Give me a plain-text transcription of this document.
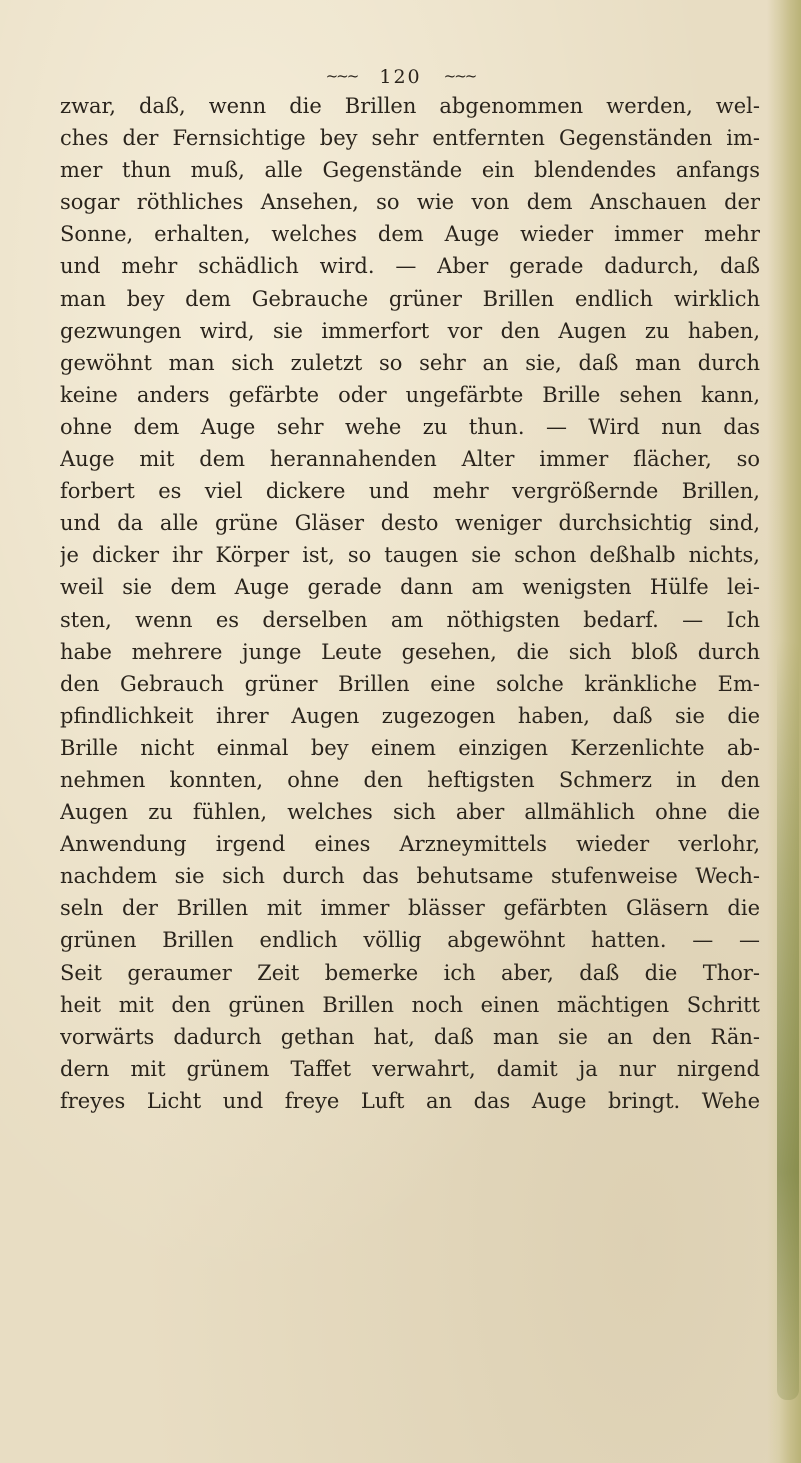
~~~ 120 ~~~
zwar, daß, wenn die Brillen abgenommen werden, wel-
ches der Fernsichtige bey sehr entfernten Gegenständen im-
mer thun muß, alle Gegenstände ein blendendes anfangs
sogar röthliches Ansehen, so wie von dem Anschauen der
Sonne, erhalten, welches dem Auge wieder immer mehr
und mehr schädlich wird. — Aber gerade dadurch, daß
man bey dem Gebrauche grüner Brillen endlich wirklich
gezwungen wird, sie immerfort vor den Augen zu haben,
gewöhnt man sich zuletzt so sehr an sie, daß man durch
keine anders gefärbte oder ungefärbte Brille sehen kann,
ohne dem Auge sehr wehe zu thun. — Wird nun das
Auge mit dem herannahenden Alter immer flächer, so
forbert es viel dickere und mehr vergrößernde Brillen,
und da alle grüne Gläser desto weniger durchsichtig sind,
je dicker ihr Körper ist, so taugen sie schon deßhalb nichts,
weil sie dem Auge gerade dann am wenigsten Hülfe lei-
sten, wenn es derselben am nöthigsten bedarf. — Ich
habe mehrere junge Leute gesehen, die sich bloß durch
den Gebrauch grüner Brillen eine solche kränkliche Em-
pfindlichkeit ihrer Augen zugezogen haben, daß sie die
Brille nicht einmal bey einem einzigen Kerzenlichte ab-
nehmen konnten, ohne den heftigsten Schmerz in den
Augen zu fühlen, welches sich aber allmählich ohne die
Anwendung irgend eines Arzneymittels wieder verlohr,
nachdem sie sich durch das behutsame stufenweise Wech-
seln der Brillen mit immer blässer gefärbten Gläsern die
grünen Brillen endlich völlig abgewöhnt hatten. — —
Seit geraumer Zeit bemerke ich aber, daß die Thor-
heit mit den grünen Brillen noch einen mächtigen Schritt
vorwärts dadurch gethan hat, daß man sie an den Rän-
dern mit grünem Taffet verwahrt, damit ja nur nirgend
freyes Licht und freye Luft an das Auge bringt. Wehe
